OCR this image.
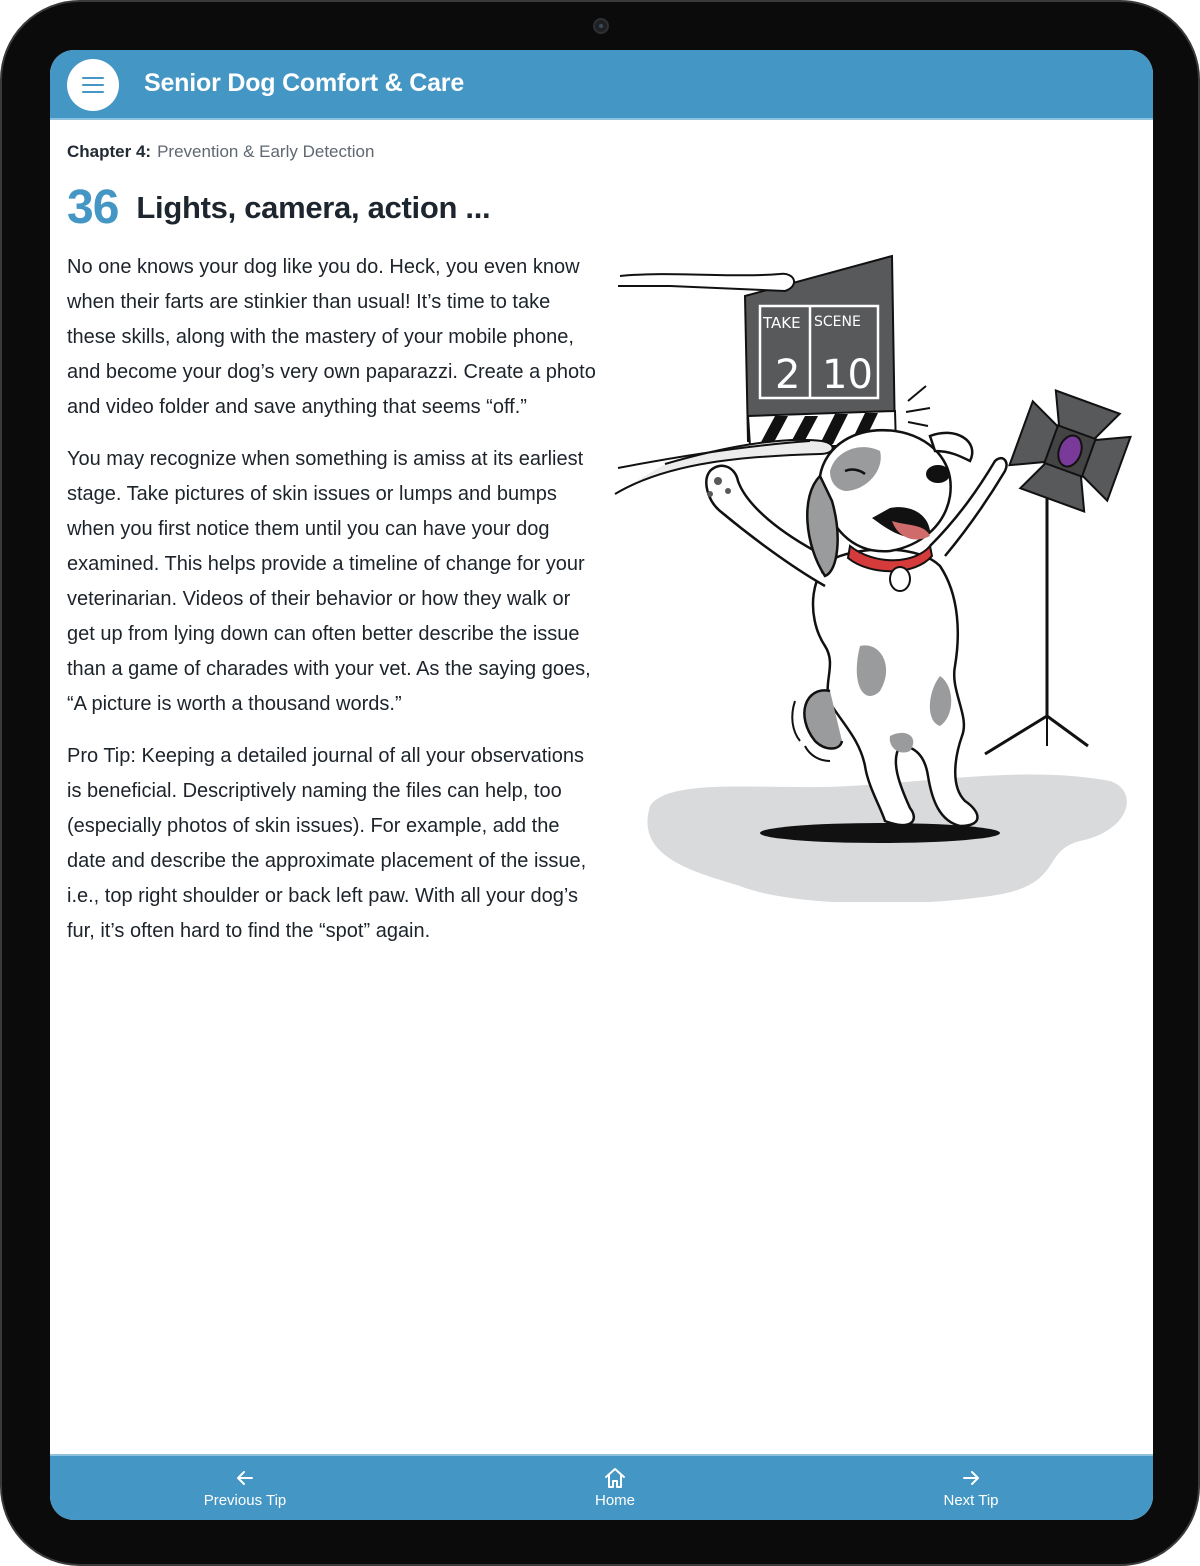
Senior Dog Comfort & Care
Chapter 4: Prevention & Early Detection
36 Lights, camera, action ...

No one knows your dog like you do. Heck, you even know when their farts are stinkier than usual! It’s time to take these skills, along with the mastery of your mobile phone, and become your dog’s very own paparazzi. Create a photo and video folder and save anything that seems “off.”

You may recognize when something is amiss at its earliest stage. Take pictures of skin issues or lumps and bumps when you first notice them until you can have your dog examined. This helps provide a timeline of change for your veterinarian. Videos of their behavior or how they walk or get up from lying down can often better describe the issue than a game of charades with your vet. As the saying goes, “A picture is worth a thousand words.”

Pro Tip: Keeping a detailed journal of all your observations is beneficial. Descriptively naming the files can help, too (especially photos of skin issues). For example, add the date and describe the approximate placement of the issue, i.e., top right shoulder or back left paw. With all your dog’s fur, it’s often hard to find the “spot” again.

TAKE SCENE
2 10
Previous Tip	Home	Next Tip
